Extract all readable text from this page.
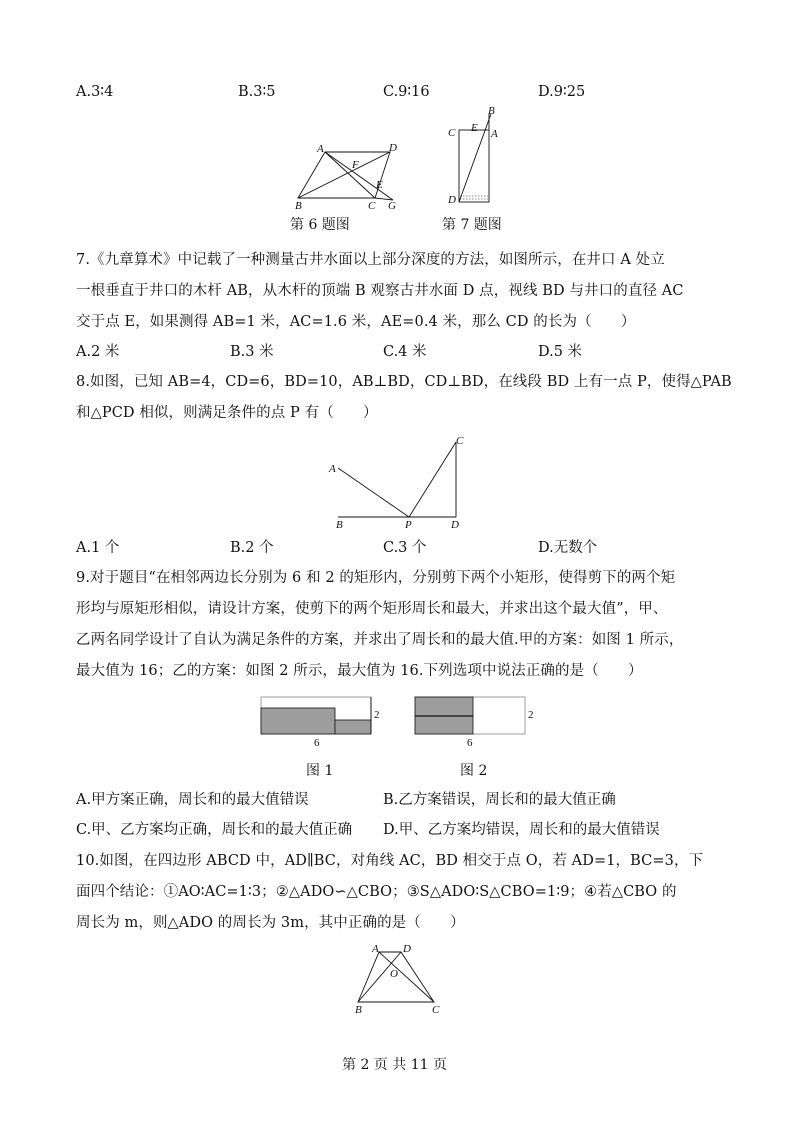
A.3∶4	B.3∶5	C.9∶16	D.9∶25
A	D
F
E
B	C G
第 6 题图
B
C E A
D
第 7 题图
7.《九章算术》中记载了一种测量古井水面以上部分深度的方法，如图所示，在井口 A 处立
一根垂直于井口的木杆 AB，从木杆的顶端 B 观察古井水面 D 点，视线 BD 与井口的直径 AC
交于点 E，如果测得 AB=1 米，AC=1.6 米，AE=0.4 米，那么 CD 的长为（　　）
A.2 米	B.3 米	C.4 米	D.5 米
8.如图，已知 AB=4，CD=6，BD=10，AB⊥BD，CD⊥BD，在线段 BD 上有一点 P，使得△PAB
和△PCD 相似，则满足条件的点 P 有（　　）
C
A
B	P	D
A.1 个	B.2 个	C.3 个	D.无数个
9.对于题目“在相邻两边长分别为 6 和 2 的矩形内，分别剪下两个小矩形，使得剪下的两个矩
形均与原矩形相似，请设计方案，使剪下的两个矩形周长和最大，并求出这个最大值”，甲、
乙两名同学设计了自认为满足条件的方案，并求出了周长和的最大值.甲的方案：如图 1 所示，
最大值为 16；乙的方案：如图 2 所示，最大值为 16.下列选项中说法正确的是（　　）
2
6
2
6
图 1	图 2
A.甲方案正确，周长和的最大值错误	B.乙方案错误，周长和的最大值正确
C.甲、乙方案均正确，周长和的最大值正确 D.甲、乙方案均错误，周长和的最大值错误
10.如图，在四边形 ABCD 中，AD∥BC，对角线 AC，BD 相交于点 O，若 AD=1，BC=3，下
面四个结论：①AO∶AC=1∶3；②△ADO∽△CBO；③S△ADO∶S△CBO=1∶9；④若△CBO 的
周长为 m，则△ADO 的周长为 3m，其中正确的是（　　）
A D
O
B	C
第 2 页 共 11 页
